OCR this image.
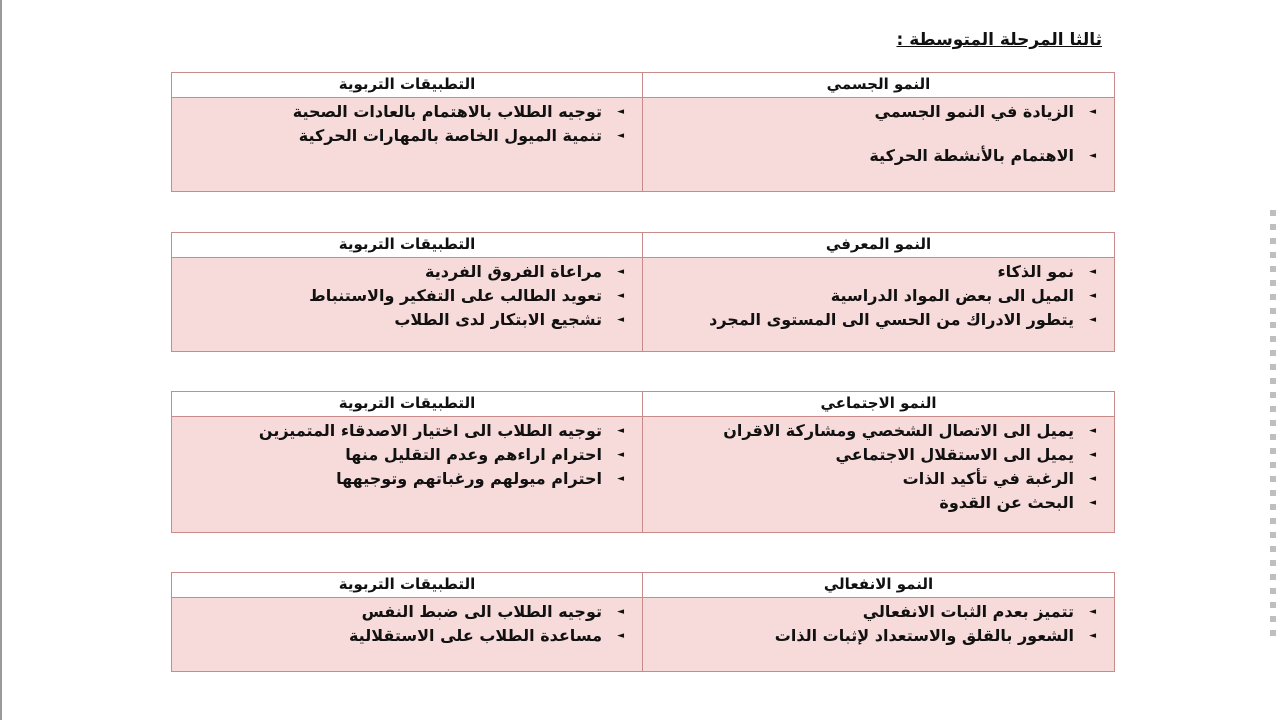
ثالثا المرحلة المتوسطة :
النمو الجسمي
التطبيقات التربوية
◄ الزيادة في النمو الجسمي
◄ الاهتمام بالأنشطة الحركية
◄ توجيه الطلاب بالاهتمام بالعادات الصحية
◄ تنمية الميول الخاصة بالمهارات الحركية
النمو المعرفي
التطبيقات التربوية
◄ نمو الذكاء
◄ الميل الى بعض المواد الدراسية
◄ يتطور الادراك من الحسي الى المستوى المجرد
◄ مراعاة الفروق الفردية
◄ تعويد الطالب على التفكير والاستنباط
◄ تشجيع الابتكار لدى الطلاب
النمو الاجتماعي
التطبيقات التربوية
◄ يميل الى الاتصال الشخصي ومشاركة الاقران
◄ يميل الى الاستقلال الاجتماعي
◄ الرغبة في تأكيد الذات
◄ البحث عن القدوة
◄ توجيه الطلاب الى اختيار الاصدقاء المتميزين
◄ احترام اراءهم وعدم التقليل منها
◄ احترام ميولهم ورغباتهم وتوجيهها
النمو الانفعالي
التطبيقات التربوية
◄ تتميز بعدم الثبات الانفعالي
◄ الشعور بالقلق والاستعداد لإثبات الذات
◄ توجيه الطلاب الى ضبط النفس
◄ مساعدة الطلاب على الاستقلالية
